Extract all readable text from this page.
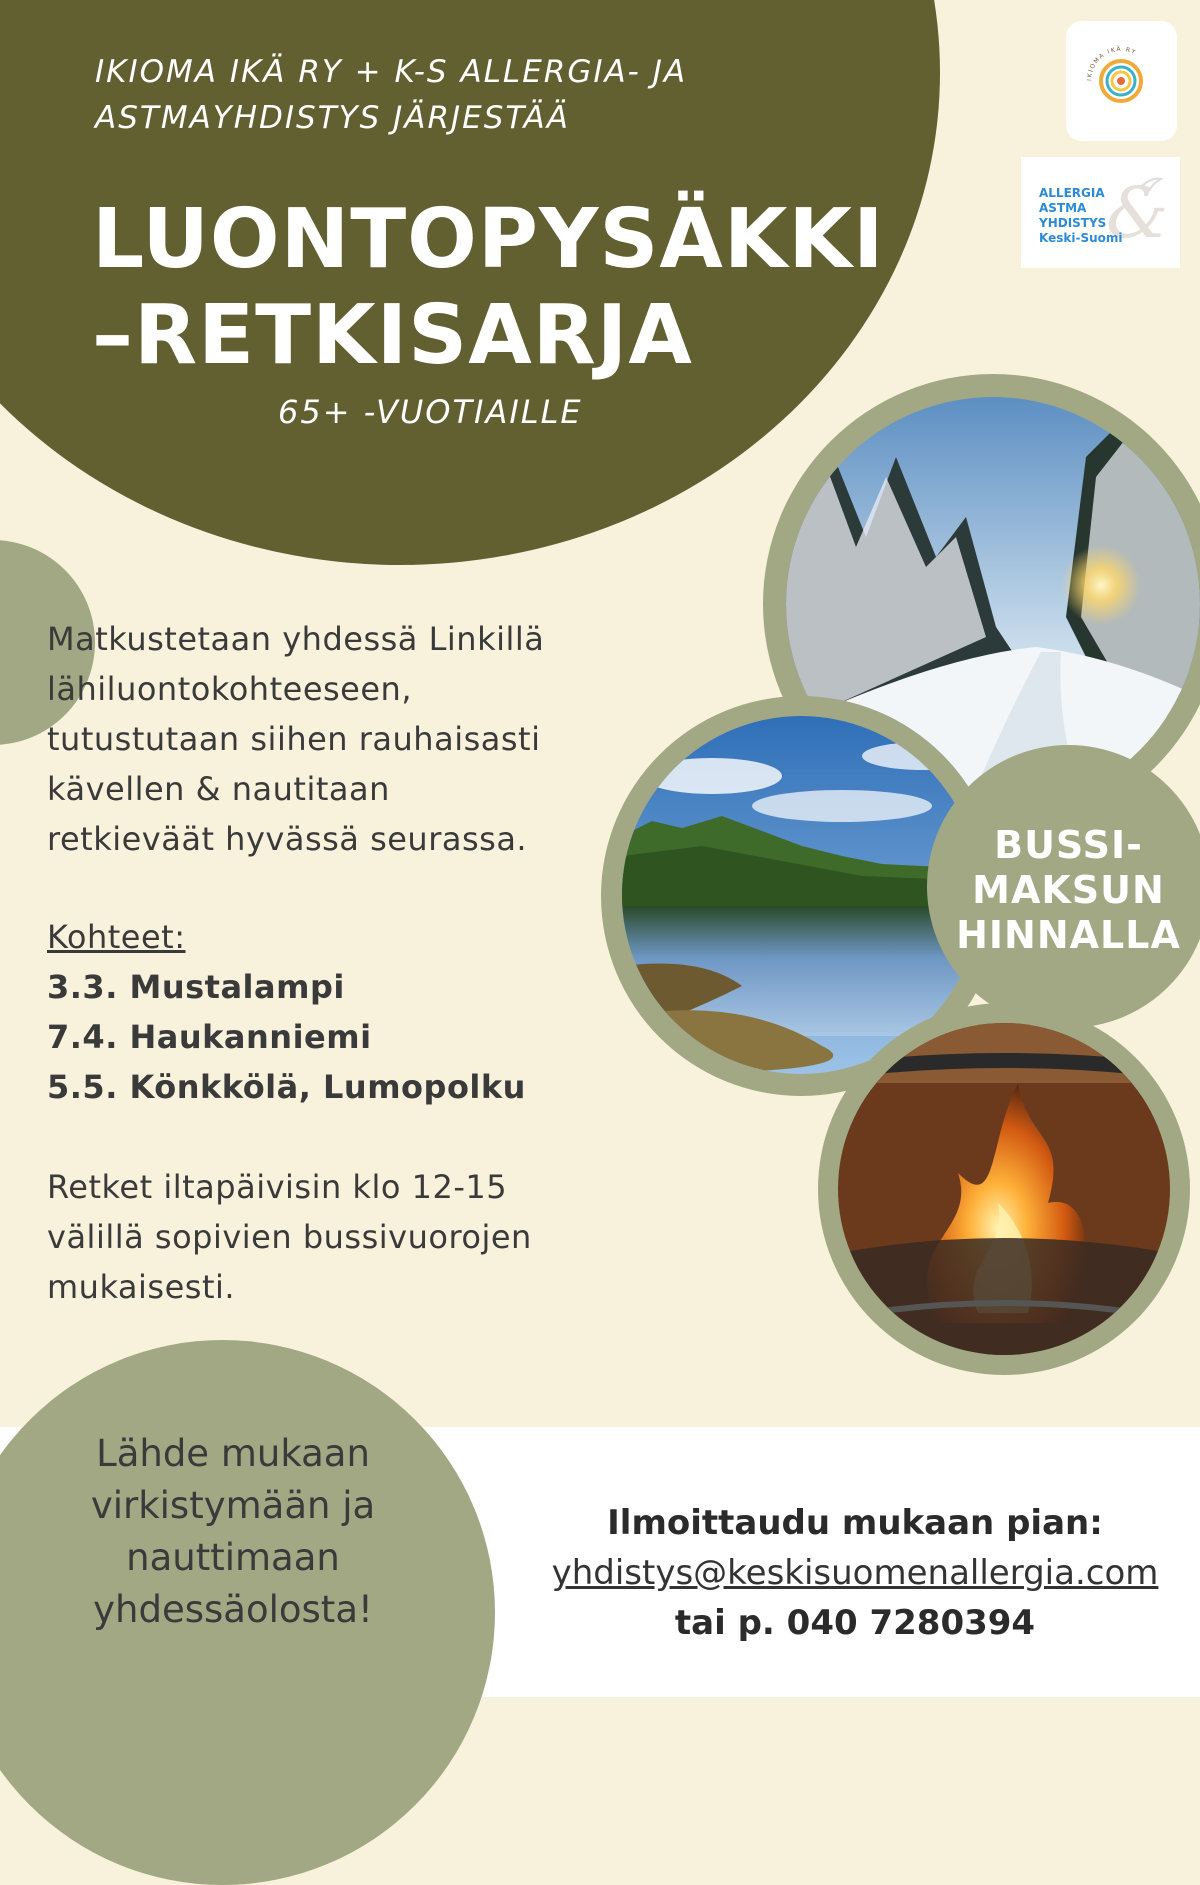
IKIOMA IKÄ RY + K-S ALLERGIA- JA
ASTMAYHDISTYS JÄRJESTÄÄ
LUONTOPYSÄKKI
–RETKISARJA
65+ -VUOTIAILLE
IKIOMA IKÄ RY
&
ALLERGIA
ASTMA
YHDISTYS
Keski-Suomi
Matkustetaan yhdessä Linkillä
lähiluontokohteeseen,
tutustutaan siihen rauhaisasti
kävellen & nautitaan
retkieväät hyvässä seurassa.
Kohteet:
3.3. Mustalampi
7.4. Haukanniemi
5.5. Könkkölä, Lumopolku
Retket iltapäivisin klo 12-15
välillä sopivien bussivuorojen
mukaisesti.
BUSSI-
MAKSUN
HINNALLA
Lähde mukaan
virkistymään ja
nauttimaan
yhdessäolosta!
Ilmoittaudu mukaan pian:
yhdistys@keskisuomenallergia.com
tai p. 040 7280394
